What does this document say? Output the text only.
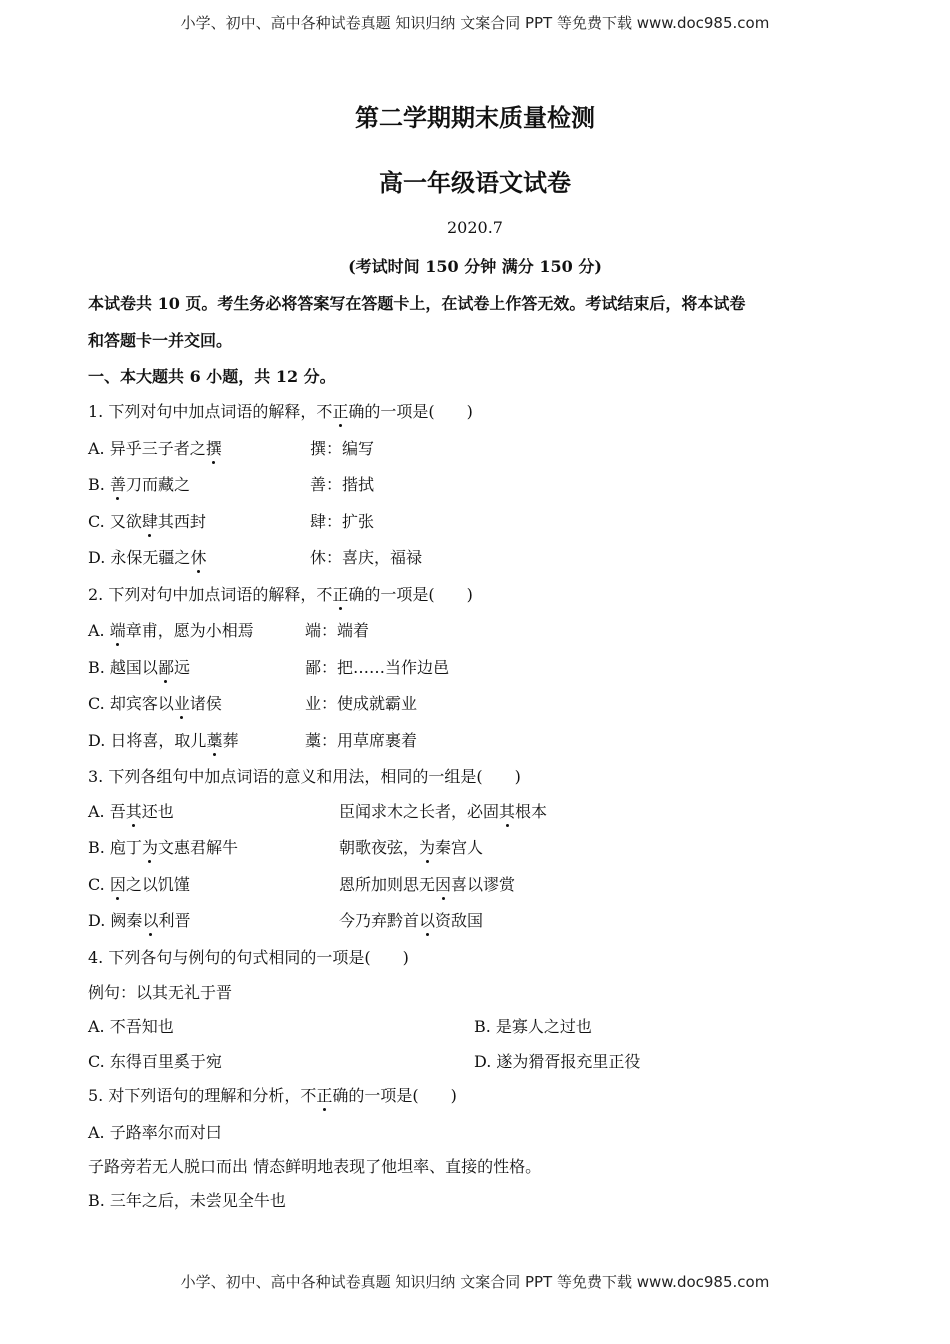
小学、初中、高中各种试卷真题 知识归纳 文案合同 PPT 等免费下载 www.doc985.com
第二学期期末质量检测
高一年级语文试卷
2020.7
(考试时间 150 分钟 满分 150 分)
本试卷共 10 页。考生务必将答案写在答题卡上，在试卷上作答无效。考试结束后，将本试卷
和答题卡一并交回。
一、本大题共 6 小题，共 12 分。
1. 下列对句中加点词语的解释，不正确的一项是(　　)
A. 异乎三子者之撰	撰：编写
B. 善刀而藏之	善：揩拭
C. 又欲肆其西封	肆：扩张
D. 永保无疆之休	休：喜庆，福禄
2. 下列对句中加点词语的解释，不正确的一项是(　　)
A. 端章甫，愿为小相焉	端：端着
B. 越国以鄙远	鄙：把……当作边邑
C. 却宾客以业诸侯	业：使成就霸业
D. 日将喜，取儿藁葬	藁：用草席裹着
3. 下列各组句中加点词语的意义和用法，相同的一组是(　　)
A. 吾其还也	臣闻求木之长者，必固其根本
B. 庖丁为文惠君解牛	朝歌夜弦，为秦宫人
C. 因之以饥馑	恩所加则思无因喜以谬赏
D. 阙秦以利晋	今乃弃黔首以资敌国
4. 下列各句与例句的句式相同的一项是(　　)
例句：以其无礼于晋
A. 不吾知也	B. 是寡人之过也
C. 东得百里奚于宛	D. 遂为猾胥报充里正役
5. 对下列语句的理解和分析，不正确的一项是(　　)
A. 子路率尔而对曰
子路旁若无人脱口而出 情态鲜明地表现了他坦率、直接的性格。
B. 三年之后，未尝见全牛也
小学、初中、高中各种试卷真题 知识归纳 文案合同 PPT 等免费下载 www.doc985.com
